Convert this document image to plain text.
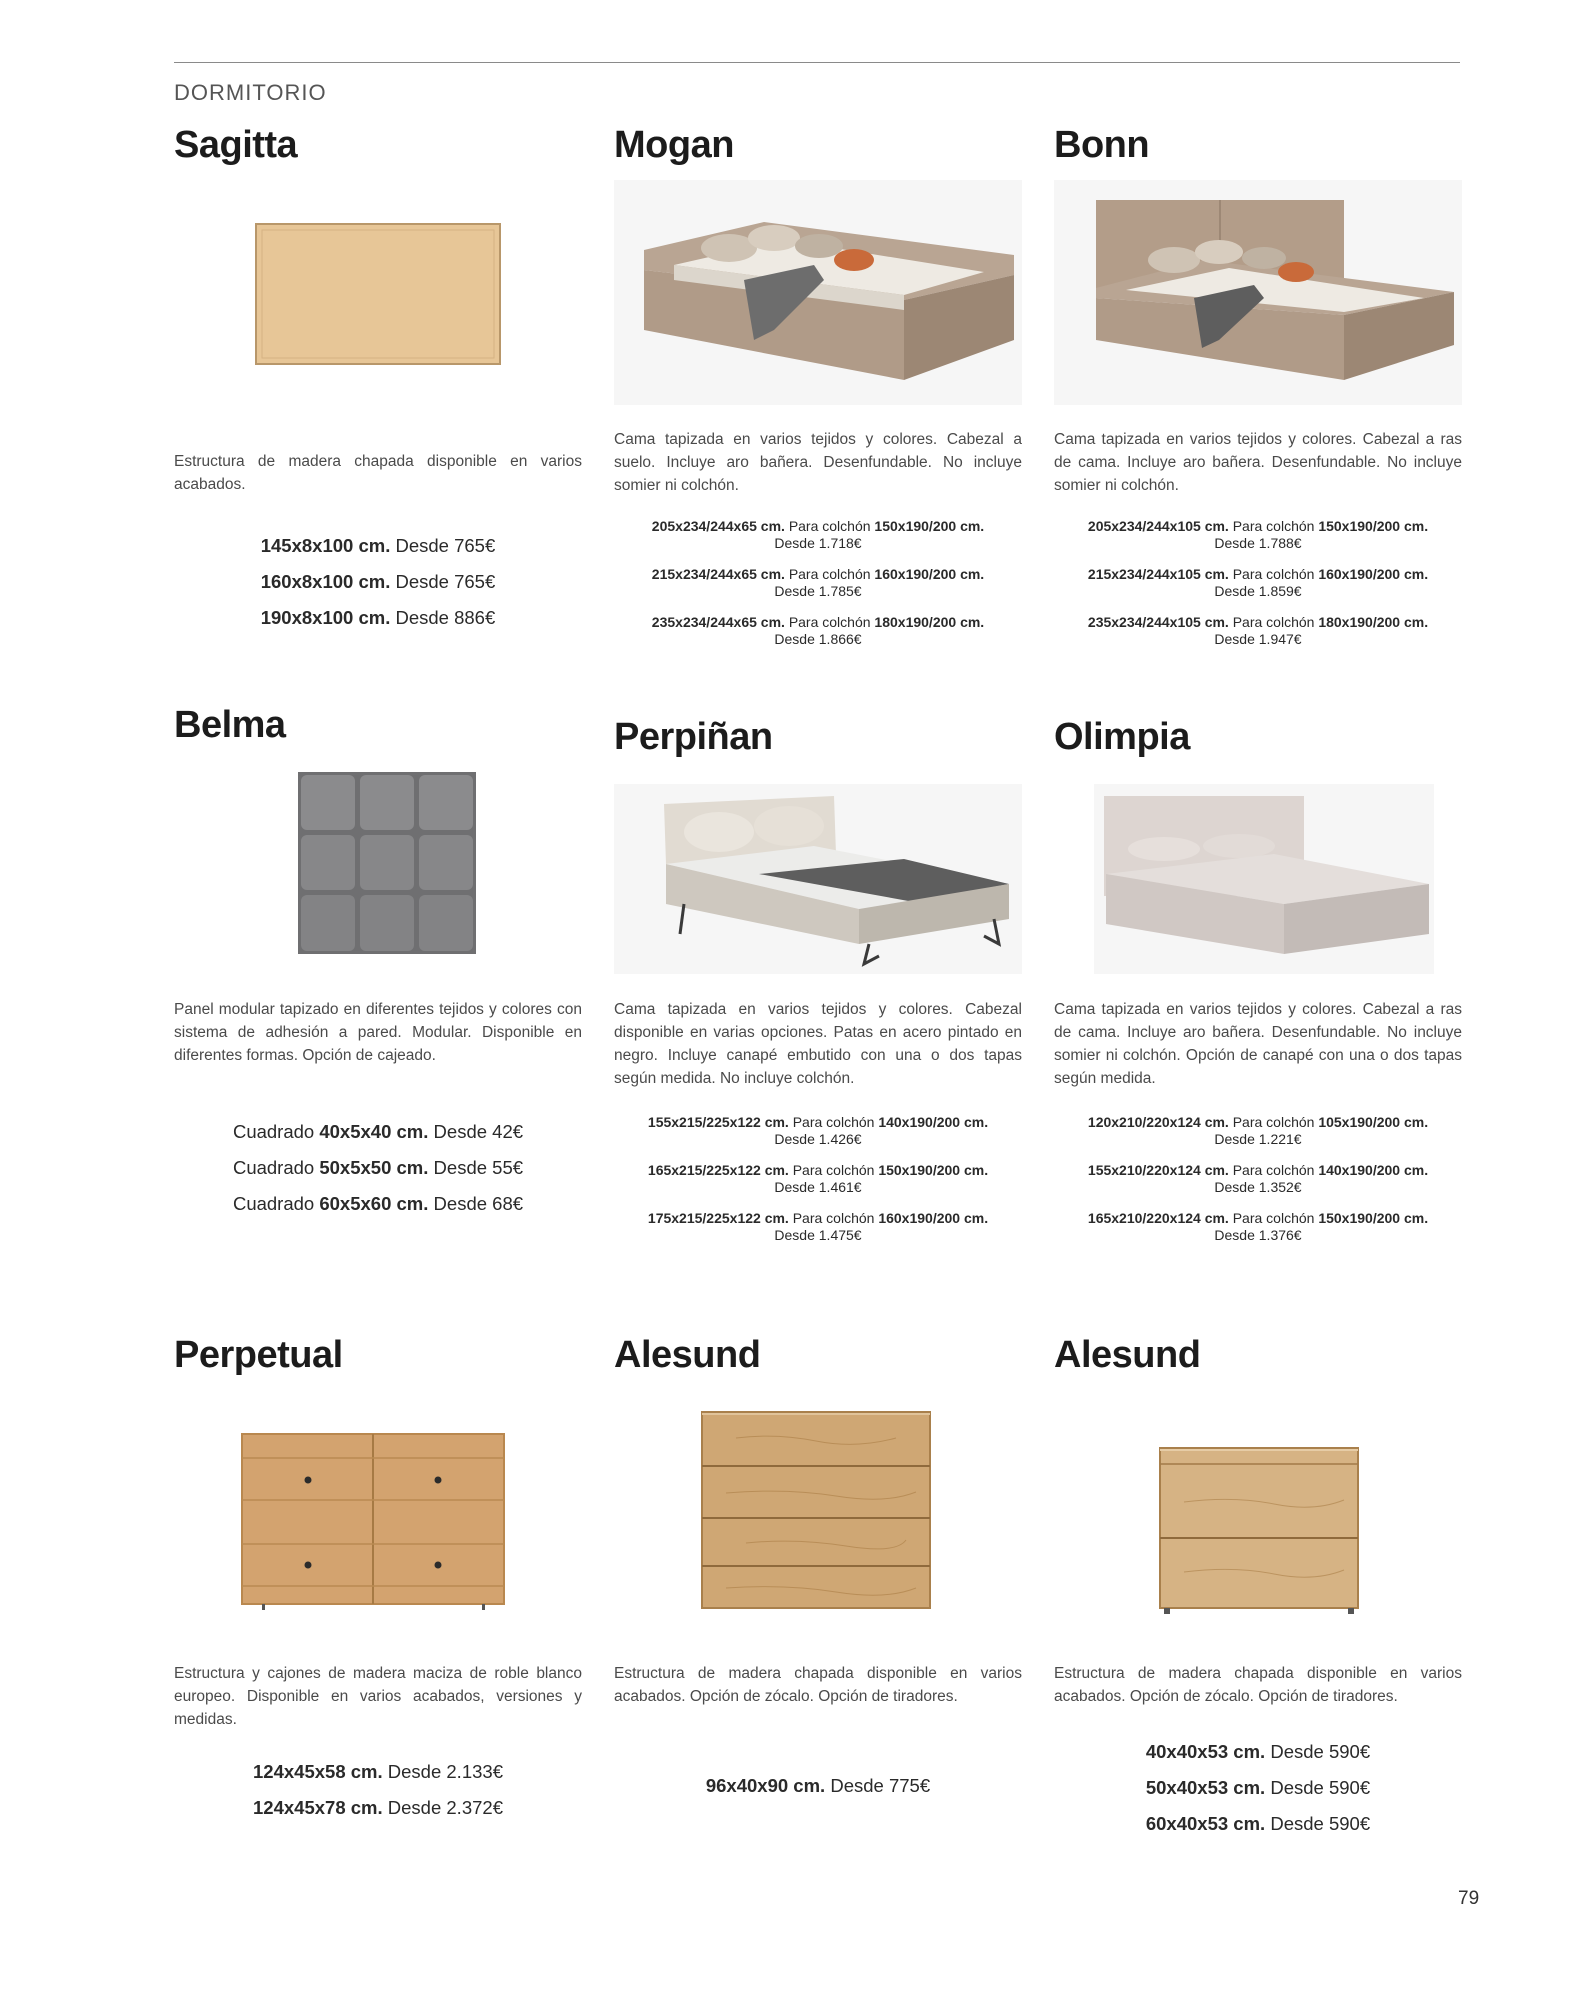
DORMITORIO
Sagitta
Estructura de madera chapada disponible en varios acabados.
145x8x100 cm. Desde 765€
160x8x100 cm. Desde 765€
190x8x100 cm. Desde 886€
Mogan
Cama tapizada en varios tejidos y colores. Cabezal a suelo. Incluye aro bañera. Desenfundable. No incluye somier ni colchón.
205x234/244x65 cm. Para colchón 150x190/200 cm.
Desde 1.718€
215x234/244x65 cm. Para colchón 160x190/200 cm.
Desde 1.785€
235x234/244x65 cm. Para colchón 180x190/200 cm.
Desde 1.866€
Bonn
Cama tapizada en varios tejidos y colores. Cabezal a ras de cama. Incluye aro bañera. Desenfundable. No incluye somier ni colchón.
205x234/244x105 cm. Para colchón 150x190/200 cm.
Desde 1.788€
215x234/244x105 cm. Para colchón 160x190/200 cm.
Desde 1.859€
235x234/244x105 cm. Para colchón 180x190/200 cm.
Desde 1.947€
Belma
Panel modular tapizado en diferentes tejidos y colores con sistema de adhesión a pared. Modular. Disponible en diferentes formas. Opción de cajeado.
Cuadrado 40x5x40 cm. Desde 42€
Cuadrado 50x5x50 cm. Desde 55€
Cuadrado 60x5x60 cm. Desde 68€
Perpiñan
Cama tapizada en varios tejidos y colores. Cabezal disponible en varias opciones. Patas en acero pintado en negro. Incluye canapé embutido con una o dos tapas según medida. No incluye colchón.
155x215/225x122 cm. Para colchón 140x190/200 cm.
Desde 1.426€
165x215/225x122 cm. Para colchón 150x190/200 cm.
Desde 1.461€
175x215/225x122 cm. Para colchón 160x190/200 cm.
Desde 1.475€
Olimpia
Cama tapizada en varios tejidos y colores. Cabezal a ras de cama. Incluye aro bañera. Desenfundable. No incluye somier ni colchón. Opción de canapé con una o dos tapas según medida.
120x210/220x124 cm. Para colchón 105x190/200 cm.
Desde 1.221€
155x210/220x124 cm. Para colchón 140x190/200 cm.
Desde 1.352€
165x210/220x124 cm. Para colchón 150x190/200 cm.
Desde 1.376€
Perpetual
Estructura y cajones de madera maciza de roble blanco europeo. Disponible en varios acabados, versiones y medidas.
124x45x58 cm. Desde 2.133€
124x45x78 cm. Desde 2.372€
Alesund
Estructura de madera chapada disponible en varios acabados. Opción de zócalo. Opción de tiradores.
96x40x90 cm. Desde 775€
Alesund
Estructura de madera chapada disponible en varios acabados. Opción de zócalo. Opción de tiradores.
40x40x53 cm. Desde 590€
50x40x53 cm. Desde 590€
60x40x53 cm. Desde 590€
79
